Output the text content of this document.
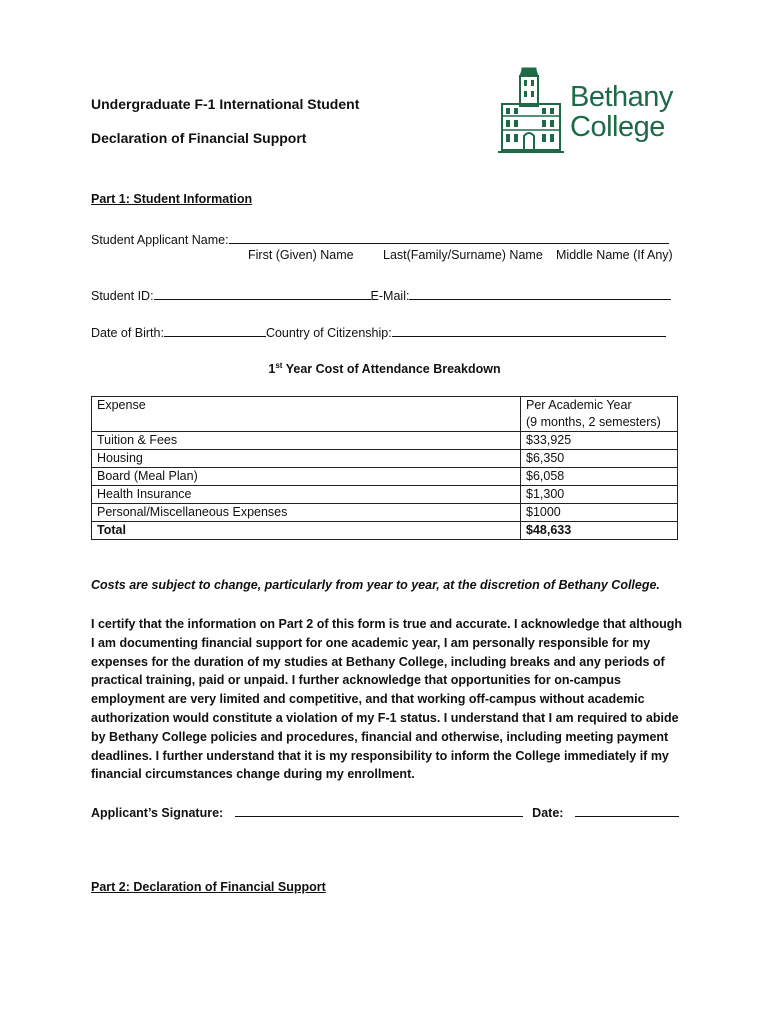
Undergraduate F-1 International Student
Declaration of Financial Support
Bethany
College
Part 1: Student Information
Student Applicant Name:
First (Given) Name Last(Family/Surname) Name Middle Name (If Any)
Student ID:	E-Mail:
Date of Birth:	Country of Citizenship:
1st Year Cost of Attendance Breakdown
Expense	Per Academic Year
(9 months, 2 semesters)

Tuition & Fees	$33,925
Housing	$6,350
Board (Meal Plan)	$6,058
Health Insurance	$1,300
Personal/Miscellaneous Expenses	$1000
Total	$48,633
Costs are subject to change, particularly from year to year, at the discretion of Bethany College.
I certify that the information on Part 2 of this form is true and accurate. I acknowledge that although I am documenting financial support for one academic year, I am personally responsible for my expenses for the duration of my studies at Bethany College, including breaks and any periods of practical training, paid or unpaid. I further acknowledge that opportunities for on-campus employment are very limited and competitive, and that working off-campus without academic authorization would constitute a violation of my F-1 status. I understand that I am required to abide by Bethany College policies and procedures, financial and otherwise, including meeting payment deadlines. I further understand that it is my responsibility to inform the College immediately if my financial circumstances change during my enrollment.
Applicant’s Signature:	Date:
Part 2: Declaration of Financial Support
